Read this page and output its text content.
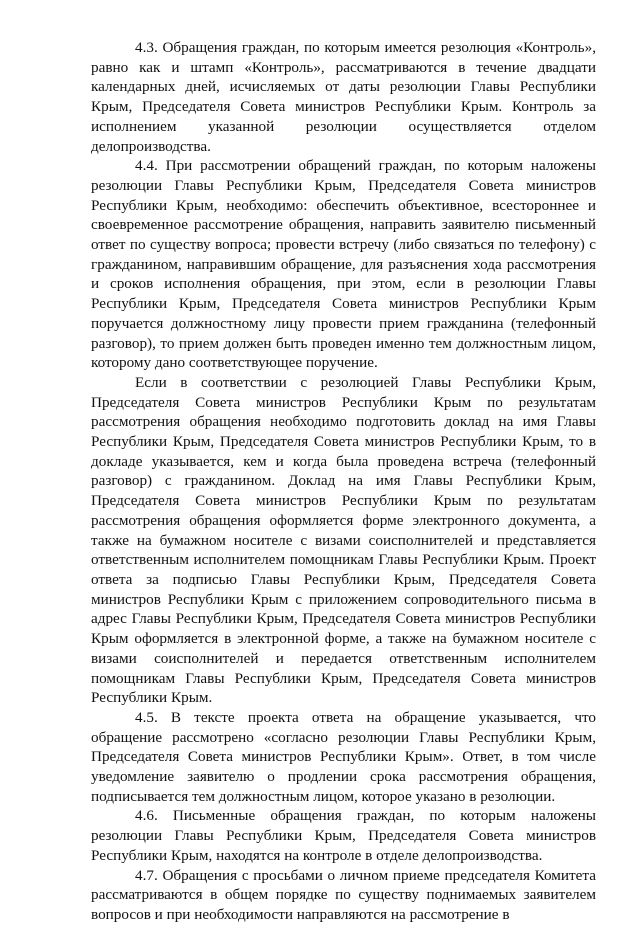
4.3. Обращения граждан, по которым имеется резолюция «Контроль», равно как и штамп «Контроль», рассматриваются в течение двадцати календарных дней, исчисляемых от даты резолюции Главы Республики Крым, Председателя Совета министров Республики Крым. Контроль за исполнением указанной резолюции осуществляется отделом делопроизводства.

4.4. При рассмотрении обращений граждан, по которым наложены резолюции Главы Республики Крым, Председателя Совета министров Республики Крым, необходимо: обеспечить объективное, всестороннее и своевременное рассмотрение обращения, направить заявителю письменный ответ по существу вопроса; провести встречу (либо связаться по телефону) с гражданином, направившим обращение, для разъяснения хода рассмотрения и сроков исполнения обращения, при этом, если в резолюции Главы Республики Крым, Председателя Совета министров Республики Крым поручается должностному лицу провести прием гражданина (телефонный разговор), то прием должен быть проведен именно тем должностным лицом, которому дано соответствующее поручение.

Если в соответствии с резолюцией Главы Республики Крым, Председателя Совета министров Республики Крым по результатам рассмотрения обращения необходимо подготовить доклад на имя Главы Республики Крым, Председателя Совета министров Республики Крым, то в докладе указывается, кем и когда была проведена встреча (телефонный разговор) с гражданином. Доклад на имя Главы Республики Крым, Председателя Совета министров Республики Крым по результатам рассмотрения обращения оформляется форме электронного документа, а также на бумажном носителе с визами соисполнителей и представляется ответственным исполнителем помощникам Главы Республики Крым. Проект ответа за подписью Главы Республики Крым, Председателя Совета министров Республики Крым с приложением сопроводительного письма в адрес Главы Республики Крым, Председателя Совета министров Республики Крым оформляется в электронной форме, а также на бумажном носителе с визами соисполнителей и передается ответственным исполнителем помощникам Главы Республики Крым, Председателя Совета министров Республики Крым.

4.5. В тексте проекта ответа на обращение указывается, что обращение рассмотрено «согласно резолюции Главы Республики Крым, Председателя Совета министров Республики Крым». Ответ, в том числе уведомление заявителю о продлении срока рассмотрения обращения, подписывается тем должностным лицом, которое указано в резолюции.

4.6. Письменные обращения граждан, по которым наложены резолюции Главы Республики Крым, Председателя Совета министров Республики Крым, находятся на контроле в отделе делопроизводства.

4.7. Обращения с просьбами о личном приеме председателя Комитета рассматриваются в общем порядке по существу поднимаемых заявителем вопросов и при необходимости направляются на рассмотрение в
